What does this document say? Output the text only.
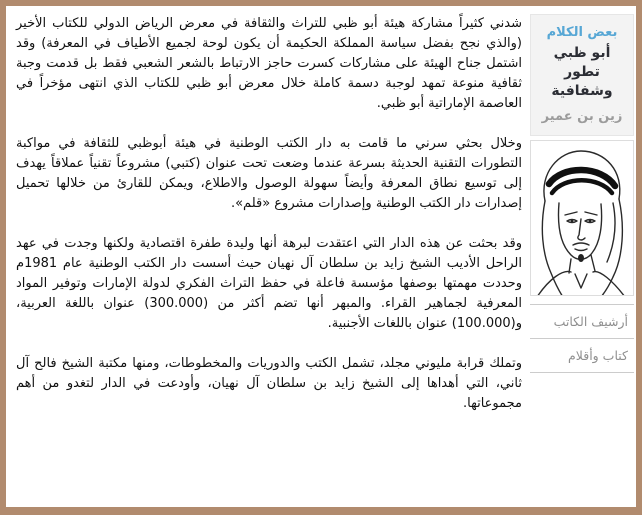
بعض الكلام
أبو ظبي تطور وشفافية
زين بن عمير
أرشيف الكاتب
كتاب وأقلام

شدني كثيراً مشاركة هيئة أبو ظبي للتراث والثقافة في معرض الرياض الدولي للكتاب الأخير (والذي نجح بفضل سياسة المملكة الحكيمة أن يكون لوحة لجميع الأطياف في المعرفة) وقد اشتمل جناح الهيئة على مشاركات كسرت حاجز الارتباط بالشعر الشعبي فقط بل قدمت وجبة ثقافية منوعة تمهد لوجبة دسمة كاملة خلال معرض أبو ظبي للكتاب الذي انتهى مؤخراً في العاصمة الإماراتية أبو ظبي.

وخلال بحثي سرني ما قامت به دار الكتب الوطنية في هيئة أبوظبي للثقافة في مواكبة التطورات التقنية الحديثة بسرعة عندما وضعت تحت عنوان (كتبي) مشروعاً تقنياً عملاقاً يهدف إلى توسيع نطاق المعرفة وأيضاً سهولة الوصول والاطلاع، ويمكن للقارئ من خلالها تحميل إصدارات دار الكتب الوطنية وإصدارات مشروع «قلم».

وقد بحثت عن هذه الدار التي اعتقدت لبرهة أنها وليدة طفرة اقتصادية ولكنها وجدت في عهد الراحل الأديب الشيخ زايد بن سلطان آل نهيان حيث أسست دار الكتب الوطنية عام 1981م وحددت مهمتها بوصفها مؤسسة فاعلة في حفظ التراث الفكري لدولة الإمارات وتوفير المواد المعرفية لجماهير القراء. والمبهر أنها تضم أكثر من (300.000) عنوان باللغة العربية، و(100.000) عنوان باللغات الأجنبية.

وتملك قرابة مليوني مجلد، تشمل الكتب والدوريات والمخطوطات، ومنها مكتبة الشيخ فالح آل ثاني، التي أهداها إلى الشيخ زايد بن سلطان آل نهيان، وأودعت في الدار لتغدو من أهم مجموعاتها.
